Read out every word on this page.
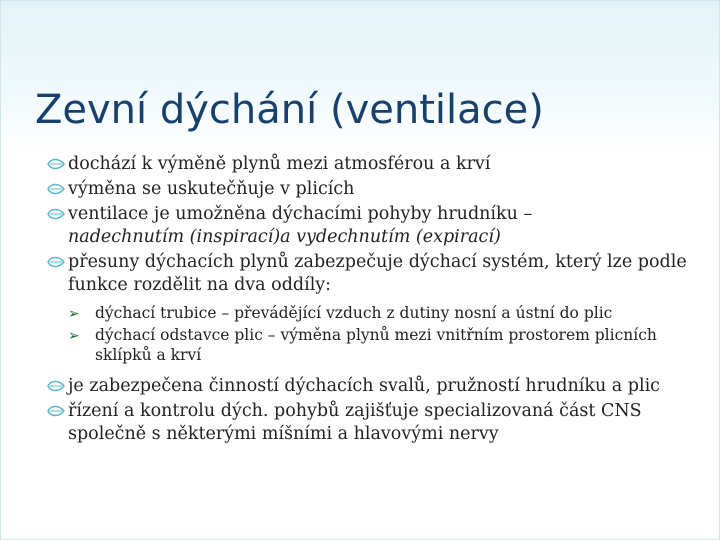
Zevní dýchání (ventilace)
dochází k výměně plynů mezi atmosférou a krví
výměna se uskutečňuje v plicích
ventilace je umožněna dýchacími pohyby hrudníku –
nadechnutím (inspirací)a vydechnutím (expirací)
přesuny dýchacích plynů zabezpečuje dýchací systém, který lze podle funkce rozdělit na dva oddíly:
➢ dýchací trubice – převádějící vzduch z dutiny nosní a ústní do plic
➢ dýchací odstavce plic – výměna plynů mezi vnitřním prostorem plicních sklípků a krví
je zabezpečena činností dýchacích svalů, pružností hrudníku a plic
řízení a kontrolu dých. pohybů zajišťuje specializovaná část CNS společně s některými míšními a hlavovými nervy
